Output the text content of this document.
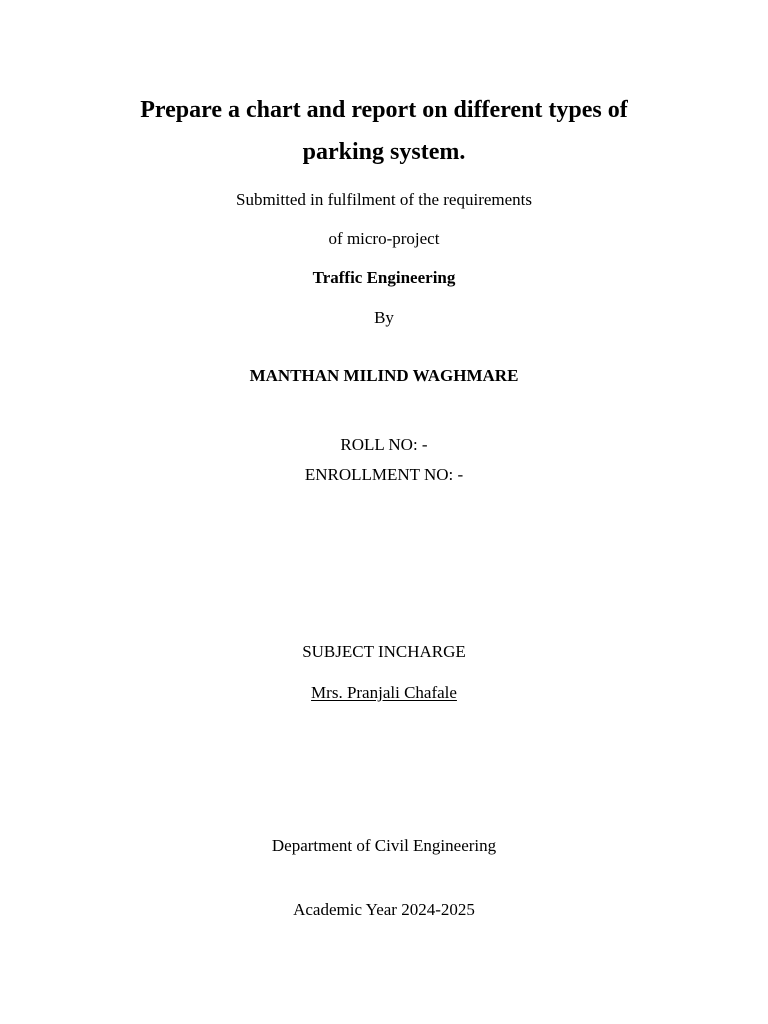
Prepare a chart and report on different types of
parking system.

Submitted in fulfilment of the requirements

of micro-project

Traffic Engineering

By

MANTHAN MILIND WAGHMARE

ROLL NO: -

ENROLLMENT NO: -

SUBJECT INCHARGE

Mrs. Pranjali Chafale

Department of Civil Engineering

Academic Year 2024-2025
